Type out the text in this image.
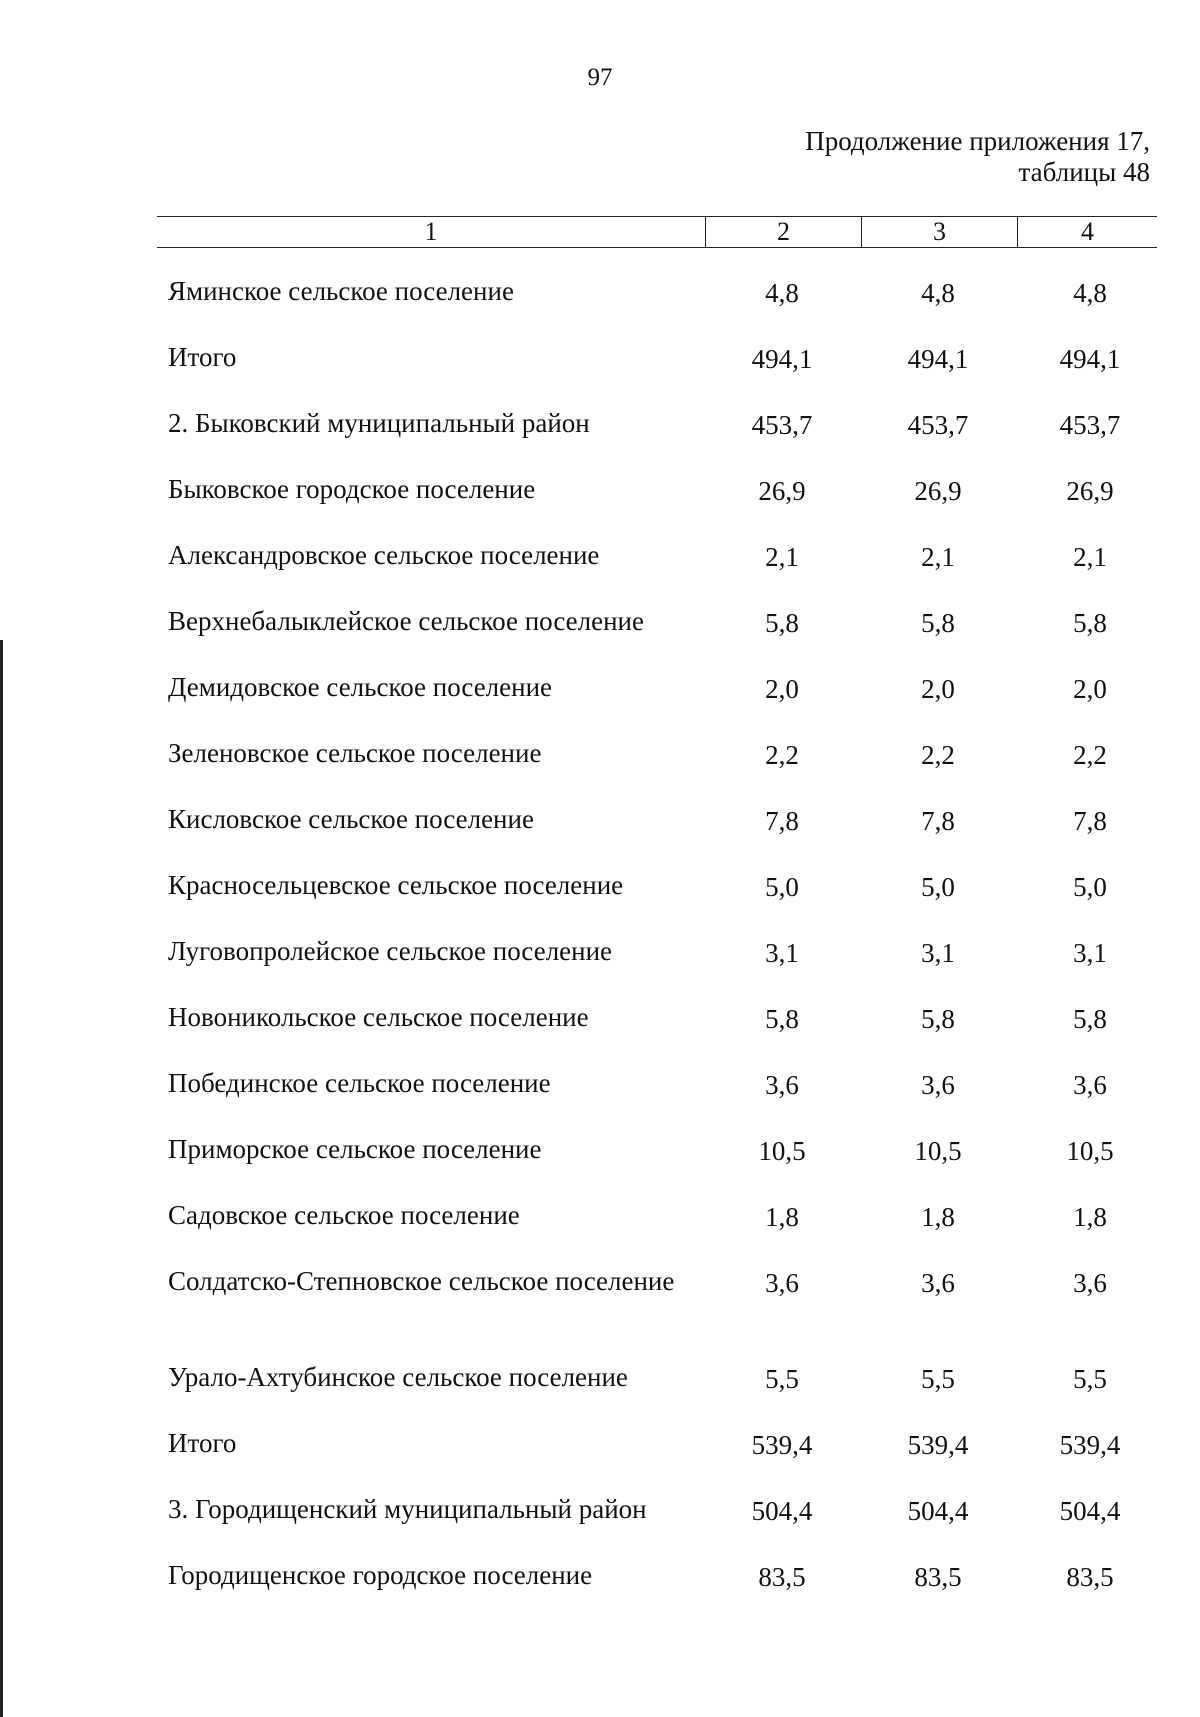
97
Продолжение приложения 17,
таблицы 48
1	2	3	4
Яминское сельское поселение	4,8	4,8	4,8
Итого	494,1	494,1	494,1
2. Быковский муниципальный район	453,7	453,7	453,7
Быковское городское поселение	26,9	26,9	26,9
Александровское сельское поселение	2,1	2,1	2,1
Верхнебалыклейское сельское поселение	5,8	5,8	5,8
Демидовское сельское поселение	2,0	2,0	2,0
Зеленовское сельское поселение	2,2	2,2	2,2
Кисловское сельское поселение	7,8	7,8	7,8
Красносельцевское сельское поселение	5,0	5,0	5,0
Луговопролейское сельское поселение	3,1	3,1	3,1
Новоникольское сельское поселение	5,8	5,8	5,8
Побединское сельское поселение	3,6	3,6	3,6
Приморское сельское поселение	10,5	10,5	10,5
Садовское сельское поселение	1,8	1,8	1,8
Солдатско-Степновское сельское поселение	3,6	3,6	3,6
Урало-Ахтубинское сельское поселение	5,5	5,5	5,5
Итого	539,4	539,4	539,4
3. Городищенский муниципальный район	504,4	504,4	504,4
Городищенское городское поселение	83,5	83,5	83,5
